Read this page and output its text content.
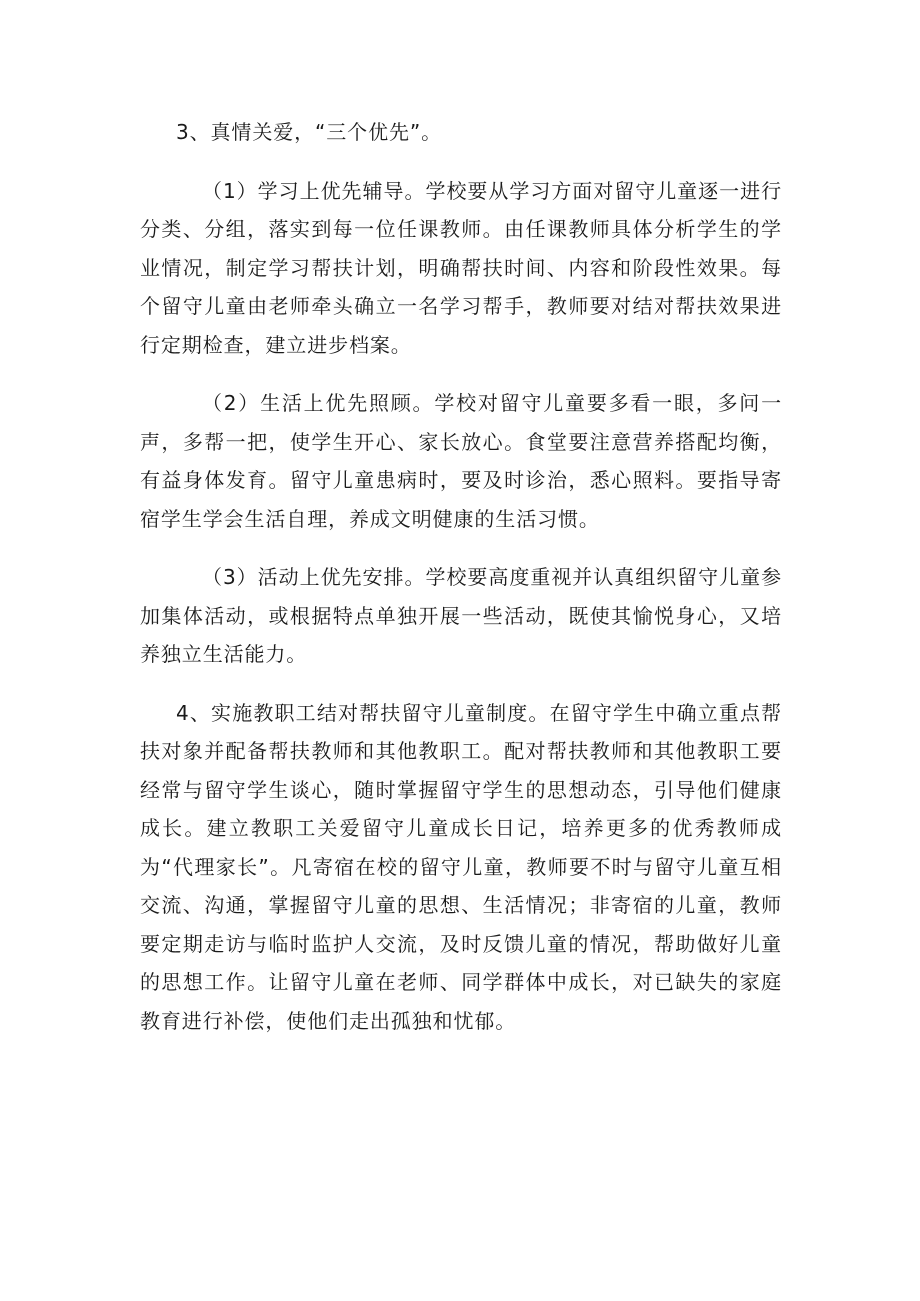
3、真情关爱，“三个优先”。

（1）学习上优先辅导。学校要从学习方面对留守儿童逐一进行分类、分组，落实到每一位任课教师。由任课教师具体分析学生的学业情况，制定学习帮扶计划，明确帮扶时间、内容和阶段性效果。每个留守儿童由老师牵头确立一名学习帮手，教师要对结对帮扶效果进行定期检查，建立进步档案。

（2）生活上优先照顾。学校对留守儿童要多看一眼，多问一声，多帮一把，使学生开心、家长放心。食堂要注意营养搭配均衡，有益身体发育。留守儿童患病时，要及时诊治，悉心照料。要指导寄宿学生学会生活自理，养成文明健康的生活习惯。

（3）活动上优先安排。学校要高度重视并认真组织留守儿童参加集体活动，或根据特点单独开展一些活动，既使其愉悦身心，又培养独立生活能力。

4、实施教职工结对帮扶留守儿童制度。在留守学生中确立重点帮扶对象并配备帮扶教师和其他教职工。配对帮扶教师和其他教职工要经常与留守学生谈心，随时掌握留守学生的思想动态，引导他们健康成长。建立教职工关爱留守儿童成长日记，培养更多的优秀教师成为“代理家长”。凡寄宿在校的留守儿童，教师要不时与留守儿童互相交流、沟通，掌握留守儿童的思想、生活情况；非寄宿的儿童，教师要定期走访与临时监护人交流，及时反馈儿童的情况，帮助做好儿童的思想工作。让留守儿童在老师、同学群体中成长，对已缺失的家庭教育进行补偿，使他们走出孤独和忧郁。
